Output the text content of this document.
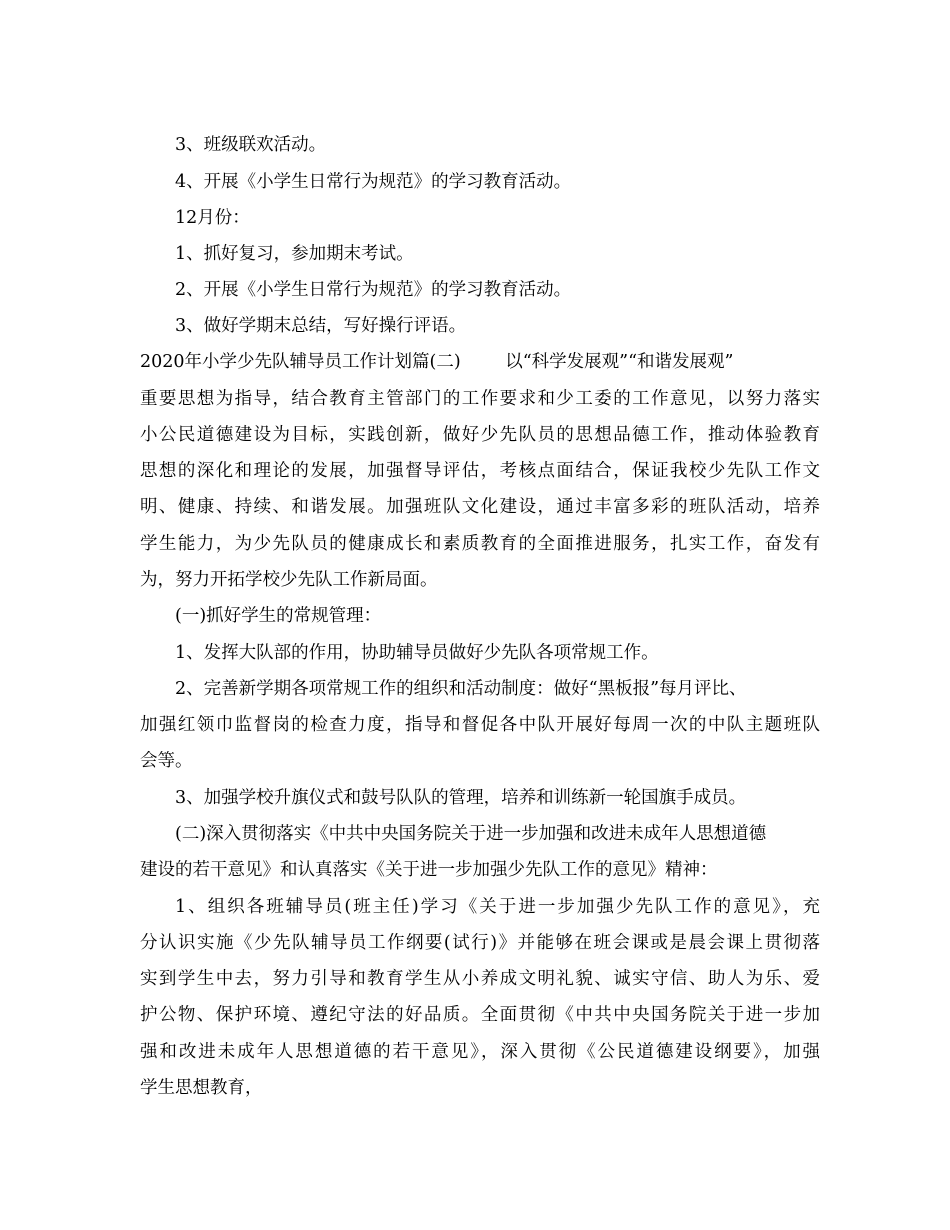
3、班级联欢活动。
4、开展《小学生日常行为规范》的学习教育活动。
12月份：
1、抓好复习，参加期末考试。
2、开展《小学生日常行为规范》的学习教育活动。
3、做好学期末总结，写好操行评语。
2020年小学少先队辅导员工作计划篇(二)        以“科学发展观”“和谐发展观”
重要思想为指导，结合教育主管部门的工作要求和少工委的工作意见，以努力落实
小公民道德建设为目标，实践创新，做好少先队员的思想品德工作，推动体验教育
思想的深化和理论的发展，加强督导评估，考核点面结合，保证我校少先队工作文
明、健康、持续、和谐发展。加强班队文化建设，通过丰富多彩的班队活动，培养
学生能力，为少先队员的健康成长和素质教育的全面推进服务，扎实工作，奋发有
为，努力开拓学校少先队工作新局面。
(一)抓好学生的常规管理：
1、发挥大队部的作用，协助辅导员做好少先队各项常规工作。
2、完善新学期各项常规工作的组织和活动制度：做好“黑板报”每月评比、
加强红领巾监督岗的检查力度，指导和督促各中队开展好每周一次的中队主题班队
会等。
3、加强学校升旗仪式和鼓号队队的管理，培养和训练新一轮国旗手成员。
(二)深入贯彻落实《中共中央国务院关于进一步加强和改进未成年人思想道德
建设的若干意见》和认真落实《关于进一步加强少先队工作的意见》精神：
1、组织各班辅导员(班主任)学习《关于进一步加强少先队工作的意见》，充
分认识实施《少先队辅导员工作纲要(试行)》并能够在班会课或是晨会课上贯彻落
实到学生中去，努力引导和教育学生从小养成文明礼貌、诚实守信、助人为乐、爱
护公物、保护环境、遵纪守法的好品质。全面贯彻《中共中央国务院关于进一步加
强和改进未成年人思想道德的若干意见》，深入贯彻《公民道德建设纲要》，加强
学生思想教育，
